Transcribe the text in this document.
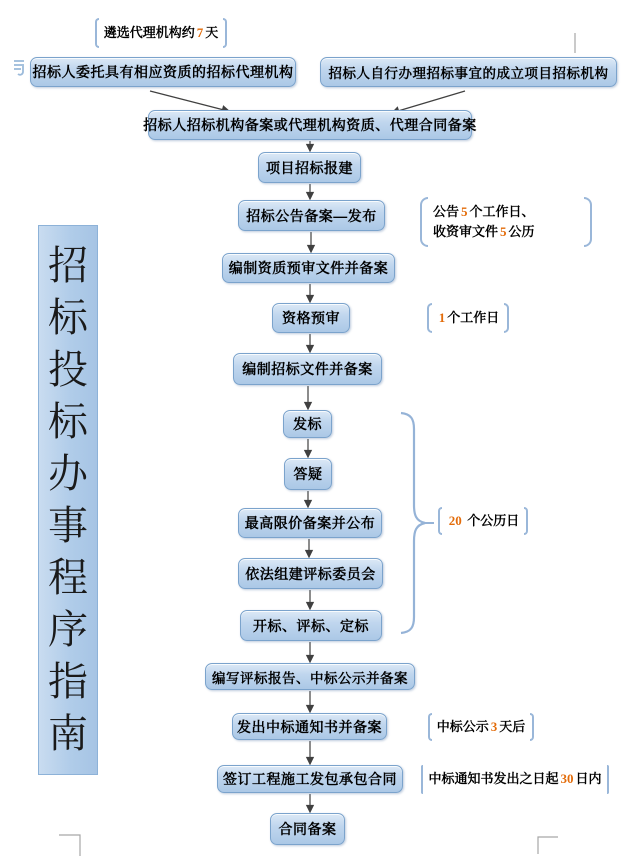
招
标
投
标
办
事
程
序
指
南
招标人委托具有相应资质的招标代理机构	招标人自行办理招标事宜的成立项目招标机构
招标人招标机构备案或代理机构资质、代理合同备案
项目招标报建
招标公告备案—发布
编制资质预审文件并备案
资格预审
编制招标文件并备案
发标
答疑
最高限价备案并公布
依法组建评标委员会
开标、评标、定标
编写评标报告、中标公示并备案
发出中标通知书并备案
签订工程施工发包承包合同
合同备案
遴选代理机构约 7 天
公告 5 个工作日、
收资审文件 5 公历
1 个工作日
20 个公历日
中标公示 3 天后
中标通知书发出之日起 30 日内
